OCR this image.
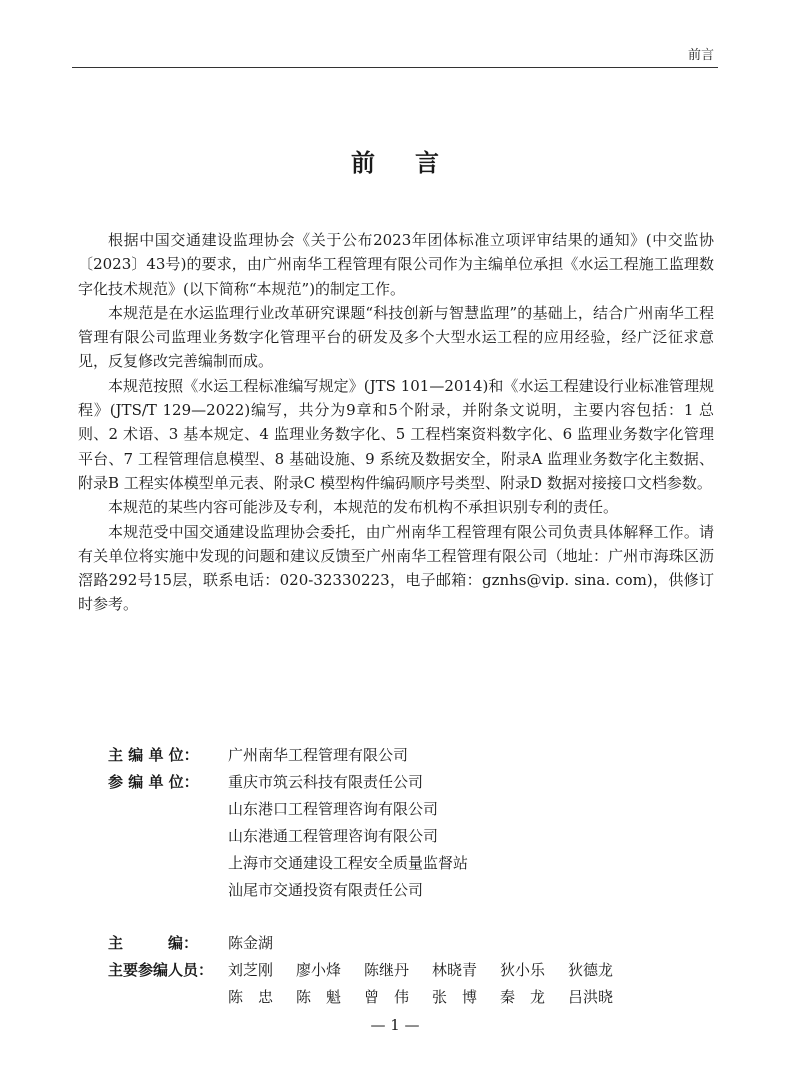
前言
前言

根据中国交通建设监理协会《关于公布2023年团体标准立项评审结果的通知》(中交监协〔2023〕43号)的要求，由广州南华工程管理有限公司作为主编单位承担《水运工程施工监理数字化技术规范》(以下简称“本规范”)的制定工作。

本规范是在水运监理行业改革研究课题“科技创新与智慧监理”的基础上，结合广州南华工程管理有限公司监理业务数字化管理平台的研发及多个大型水运工程的应用经验，经广泛征求意见，反复修改完善编制而成。

本规范按照《水运工程标准编写规定》(JTS 101—2014)和《水运工程建设行业标准管理规程》(JTS/T 129—2022)编写，共分为9章和5个附录，并附条文说明，主要内容包括：1 总则、2 术语、3 基本规定、4 监理业务数字化、5 工程档案资料数字化、6 监理业务数字化管理平台、7 工程管理信息模型、8 基础设施、9 系统及数据安全，附录A 监理业务数字化主数据、附录B 工程实体模型单元表、附录C 模型构件编码顺序号类型、附录D 数据对接接口文档参数。

本规范的某些内容可能涉及专利，本规范的发布机构不承担识别专利的责任。

本规范受中国交通建设监理协会委托，由广州南华工程管理有限公司负责具体解释工作。请有关单位将实施中发现的问题和建议反馈至广州南华工程管理有限公司（地址：广州市海珠区沥滘路292号15层，联系电话：020-32330223，电子邮箱：gznhs@vip. sina. com)，供修订时参考。

主 编 单 位：	广州南华工程管理有限公司
参 编 单 位：	重庆市筑云科技有限责任公司
山东港口工程管理咨询有限公司
山东港通工程管理咨询有限公司
上海市交通建设工程安全质量监督站
汕尾市交通投资有限责任公司
主　　　编：	陈金湖
主要参编人员： 刘芝刚	廖小烽	陈继丹	林晓青	狄小乐	狄德龙
陈　忠	陈　魁	曾　伟	张　博	秦　龙	吕洪晓
— 1 —
